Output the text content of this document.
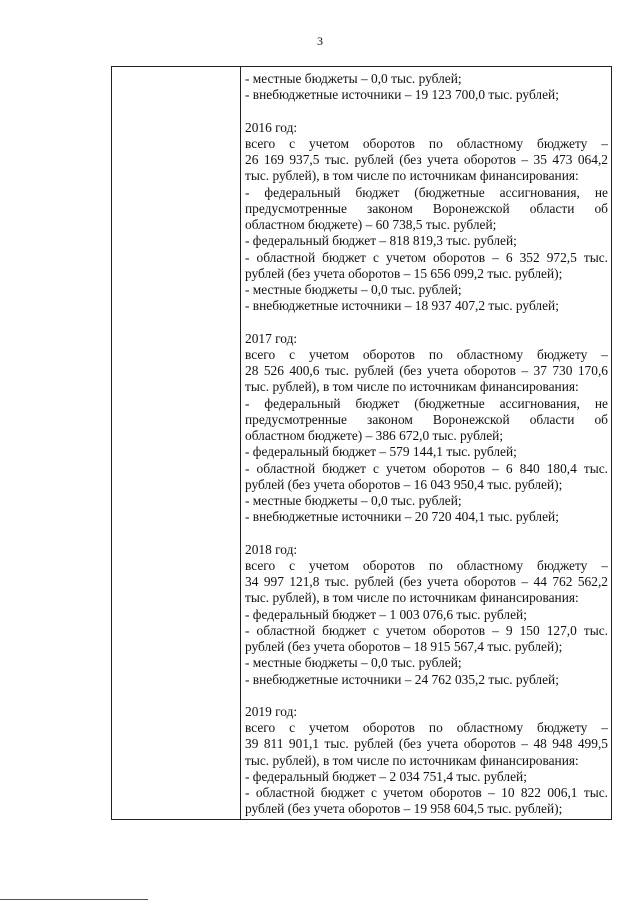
3
- местные бюджеты – 0,0 тыс. рублей;
- внебюджетные источники – 19 123 700,0 тыс. рублей;
2016 год:
всего с учетом оборотов по областному бюджету –
26 169 937,5 тыс. рублей (без учета оборотов – 35 473 064,2
тыс. рублей), в том числе по источникам финансирования:
- федеральный бюджет (бюджетные ассигнования, не
предусмотренные законом Воронежской области об
областном бюджете) – 60 738,5 тыс. рублей;
- федеральный бюджет – 818 819,3 тыс. рублей;
- областной бюджет с учетом оборотов – 6 352 972,5 тыс.
рублей (без учета оборотов – 15 656 099,2 тыс. рублей);
- местные бюджеты – 0,0 тыс. рублей;
- внебюджетные источники – 18 937 407,2 тыс. рублей;
2017 год:
всего с учетом оборотов по областному бюджету –
28 526 400,6 тыс. рублей (без учета оборотов – 37 730 170,6
тыс. рублей), в том числе по источникам финансирования:
- федеральный бюджет (бюджетные ассигнования, не
предусмотренные законом Воронежской области об
областном бюджете) – 386 672,0 тыс. рублей;
- федеральный бюджет – 579 144,1 тыс. рублей;
- областной бюджет с учетом оборотов – 6 840 180,4 тыс.
рублей (без учета оборотов – 16 043 950,4 тыс. рублей);
- местные бюджеты – 0,0 тыс. рублей;
- внебюджетные источники – 20 720 404,1 тыс. рублей;
2018 год:
всего с учетом оборотов по областному бюджету –
34 997 121,8 тыс. рублей (без учета оборотов – 44 762 562,2
тыс. рублей), в том числе по источникам финансирования:
- федеральный бюджет – 1 003 076,6 тыс. рублей;
- областной бюджет с учетом оборотов – 9 150 127,0 тыс.
рублей (без учета оборотов – 18 915 567,4 тыс. рублей);
- местные бюджеты – 0,0 тыс. рублей;
- внебюджетные источники – 24 762 035,2 тыс. рублей;
2019 год:
всего с учетом оборотов по областному бюджету –
39 811 901,1 тыс. рублей (без учета оборотов – 48 948 499,5
тыс. рублей), в том числе по источникам финансирования:
- федеральный бюджет – 2 034 751,4 тыс. рублей;
- областной бюджет с учетом оборотов – 10 822 006,1 тыс.
рублей (без учета оборотов – 19 958 604,5 тыс. рублей);
